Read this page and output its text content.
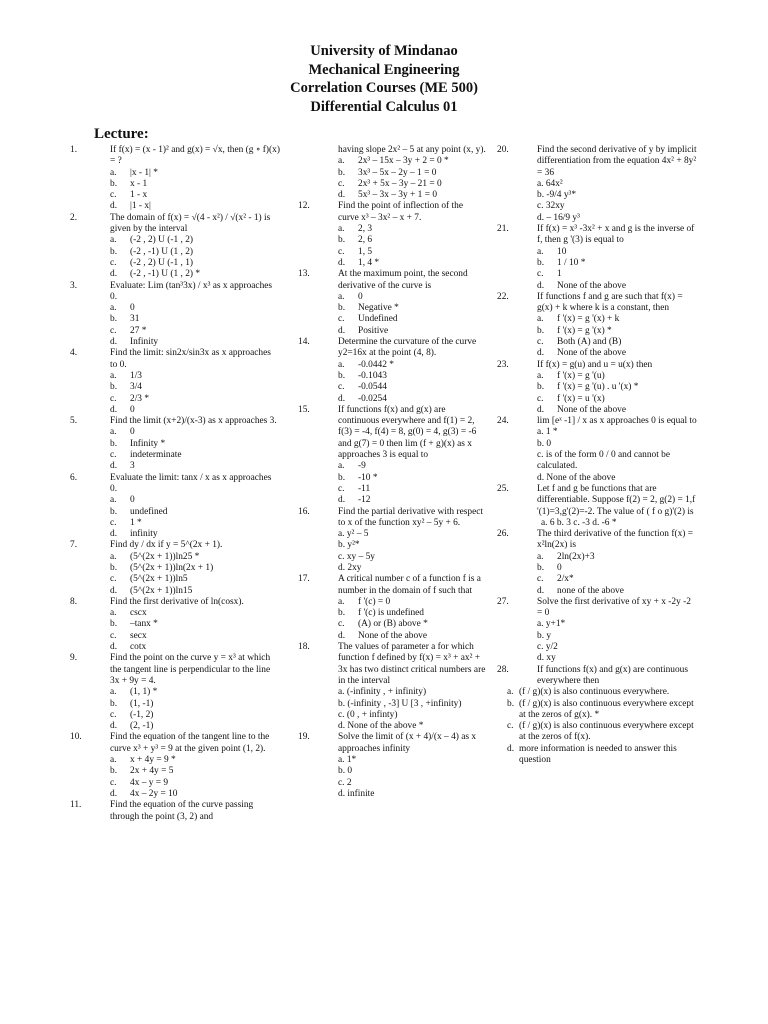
University of Mindanao
Mechanical Engineering
Correlation Courses (ME 500)
Differential Calculus 01
Lecture:
1.	If f(x) = (x - 1)² and g(x) = √x, then (g ∘ f)(x) = ?
a. |x - 1| *
b. x - 1
c. 1 - x
d. |1 - x|
2.	The domain of f(x) = √(4 - x²) / √(x² - 1) is given by the interval
a. (-2 , 2) U (-1 , 2)
b. (-2 , -1) U (1 , 2)
c. (-2 , 2) U (-1 , 1)
d. (-2 , -1) U (1 , 2) *
3.	Evaluate: Lim (tan³3x) / x³ as x approaches 0.
a. 0
b. 31
c. 27 *
d. Infinity
4.	Find the limit: sin2x/sin3x as x approaches to 0.
a. 1/3
b. 3/4
c. 2/3 *
d. 0
5.	Find the limit (x+2)/(x-3) as x approaches 3.
a. 0
b. Infinity *
c. indeterminate
d. 3
6.	Evaluate the limit: tanx / x as x approaches 0.
a. 0
b. undefined
c. 1 *
d. infinity
7.	Find dy / dx if y = 5^(2x + 1).
a. (5^(2x + 1))ln25 *
b. (5^(2x + 1))ln(2x + 1)
c. (5^(2x + 1))ln5
d. (5^(2x + 1))ln15
8.	Find the first derivative of ln(cosx).
a. cscx
b. –tanx *
c. secx
d. cotx
9.	Find the point on the curve y = x³ at which the tangent line is perpendicular to the line 3x + 9y = 4.
a. (1, 1) *
b. (1, -1)
c. (-1, 2)
d. (2, -1)
10.	Find the equation of the tangent line to the curve x³ + y³ = 9 at the given point (1, 2).
a. x + 4y = 9 *
b. 2x + 4y = 5
c. 4x – y = 9
d. 4x – 2y = 10
11.	Find the equation of the curve passing through the point (3, 2) and
having slope 2x² – 5 at any point (x, y).
a. 2x³ – 15x – 3y + 2 = 0 *
b. 3x³ – 5x – 2y – 1 = 0
c. 2x³ + 5x – 3y – 21 = 0
d. 5x³ – 3x – 3y + 1 = 0
12.	Find the point of inflection of the curve x³ – 3x² – x + 7.
a. 2, 3
b. 2, 6
c. 1, 5
d. 1, 4 *
13.	At the maximum point, the second derivative of the curve is
a. 0
b. Negative *
c. Undefined
d. Positive
14.	Determine the curvature of the curve y2=16x at the point (4, 8).
a. -0.0442 *
b. -0.1043
c. -0.0544
d. -0.0254
15.	If functions f(x) and g(x) are continuous everywhere and f(1) = 2, f(3) = -4, f(4) = 8, g(0) = 4, g(3) = -6 and g(7) = 0 then lim (f + g)(x) as x approaches 3 is equal to
a. -9
b. -10 *
c. -11
d. -12
16.	Find the partial derivative with respect to x of the function xy² – 5y + 6.
a. y² – 5
b. y²*
c. xy – 5y
d. 2xy
17.	A critical number c of a function f is a number in the domain of f such that
a. f '(c) = 0
b. f '(c) is undefined
c. (A) or (B) above *
d. None of the above
18.	The values of parameter a for which function f defined by f(x) = x³ + ax² + 3x has two distinct critical numbers are in the interval
a. (-infinity , + infinity)
b. (-infinity , -3] U [3 , +infinity)
c. (0 , + infinty)
d. None of the above *
19.	Solve the limit of (x + 4)/(x – 4) as x approaches infinity
a. 1*
b. 0
c. 2
d. infinite
20.	Find the second derivative of y by implicit differentiation from the equation 4x² + 8y² = 36
a. 64x²
b. -9/4 y³*
c. 32xy
d. – 16/9 y³
21.	If f(x) = x³ -3x² + x and g is the inverse of f, then g '(3) is equal to
a. 10
b. 1 / 10 *
c. 1
d. None of the above
22.	If functions f and g are such that f(x) = g(x) + k where k is a constant, then
a. f '(x) = g '(x) + k
b. f '(x) = g '(x) *
c. Both (A) and (B)
d. None of the above
23.	If f(x) = g(u) and u = u(x) then
a. f '(x) = g '(u)
b. f '(x) = g '(u) . u '(x) *
c. f '(x) = u '(x)
d. None of the above
24.	lim [eˣ -1] / x as x approaches 0 is equal to
a. 1 *
b. 0
c. is of the form 0 / 0 and cannot be calculated.
d. None of the above
25.	Let f and g be functions that are differentiable. Suppose f(2) = 2, g(2) = 1,f '(1)=3,g'(2)=-2. The value of ( f o g)'(2) is
a. 6 b. 3 c. -3 d. -6 *
26.	The third derivative of the function f(x) = x²ln(2x) is
a. 2ln(2x)+3
b. 0
c. 2/x*
d. none of the above
27.	Solve the first derivative of xy + x -2y -2 = 0
a. y+1*
b. y
c. y/2
d. xy
28.	If functions f(x) and g(x) are continuous everywhere then
a. (f / g)(x) is also continuous everywhere.
b. (f / g)(x) is also continuous everywhere except at the zeros of g(x). *
c. (f / g)(x) is also continuous everywhere except at the zeros of f(x).
d. more information is needed to answer this question
